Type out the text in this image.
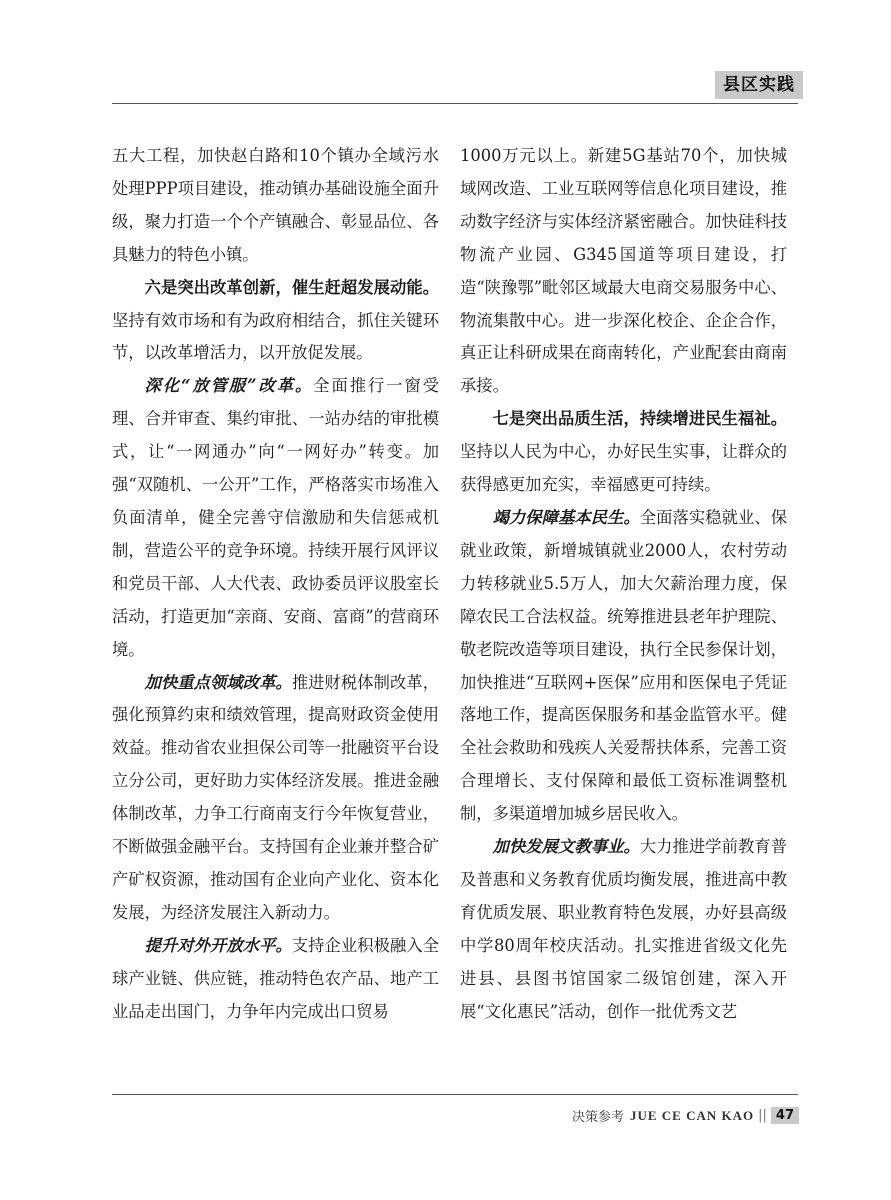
县区实践

五大工程，加快赵白路和10个镇办全域污水处理PPP项目建设，推动镇办基础设施全面升级，聚力打造一个个产镇融合、彰显品位、各具魅力的特色小镇。

六是突出改革创新，催生赶超发展动能。坚持有效市场和有为政府相结合，抓住关键环节，以改革增活力，以开放促发展。

深化“放管服”改革。全面推行一窗受理、合并审查、集约审批、一站办结的审批模式，让“一网通办”向“一网好办”转变。加强“双随机、一公开”工作，严格落实市场准入负面清单，健全完善守信激励和失信惩戒机制，营造公平的竞争环境。持续开展行风评议和党员干部、人大代表、政协委员评议股室长活动，打造更加“亲商、安商、富商”的营商环境。

加快重点领域改革。推进财税体制改革，强化预算约束和绩效管理，提高财政资金使用效益。推动省农业担保公司等一批融资平台设立分公司，更好助力实体经济发展。推进金融体制改革，力争工行商南支行今年恢复营业，不断做强金融平台。支持国有企业兼并整合矿产矿权资源，推动国有企业向产业化、资本化发展，为经济发展注入新动力。

提升对外开放水平。支持企业积极融入全球产业链、供应链，推动特色农产品、地产工业品走出国门，力争年内完成出口贸易

1000万元以上。新建5G基站70个，加快城域网改造、工业互联网等信息化项目建设，推动数字经济与实体经济紧密融合。加快硅科技物流产业园、G345国道等项目建设，打造“陕豫鄂”毗邻区域最大电商交易服务中心、物流集散中心。进一步深化校企、企企合作，真正让科研成果在商南转化，产业配套由商南承接。

七是突出品质生活，持续增进民生福祉。坚持以人民为中心，办好民生实事，让群众的获得感更加充实，幸福感更可持续。

竭力保障基本民生。全面落实稳就业、保就业政策，新增城镇就业2000人，农村劳动力转移就业5.5万人，加大欠薪治理力度，保障农民工合法权益。统筹推进县老年护理院、敬老院改造等项目建设，执行全民参保计划，加快推进“互联网+医保”应用和医保电子凭证落地工作，提高医保服务和基金监管水平。健全社会救助和残疾人关爱帮扶体系，完善工资合理增长、支付保障和最低工资标准调整机制，多渠道增加城乡居民收入。

加快发展文教事业。大力推进学前教育普及普惠和义务教育优质均衡发展，推进高中教育优质发展、职业教育特色发展，办好县高级中学80周年校庆活动。扎实推进省级文化先进县、县图书馆国家二级馆创建，深入开展“文化惠民”活动，创作一批优秀文艺

决策参考 JUE CE CAN KAO || 47
